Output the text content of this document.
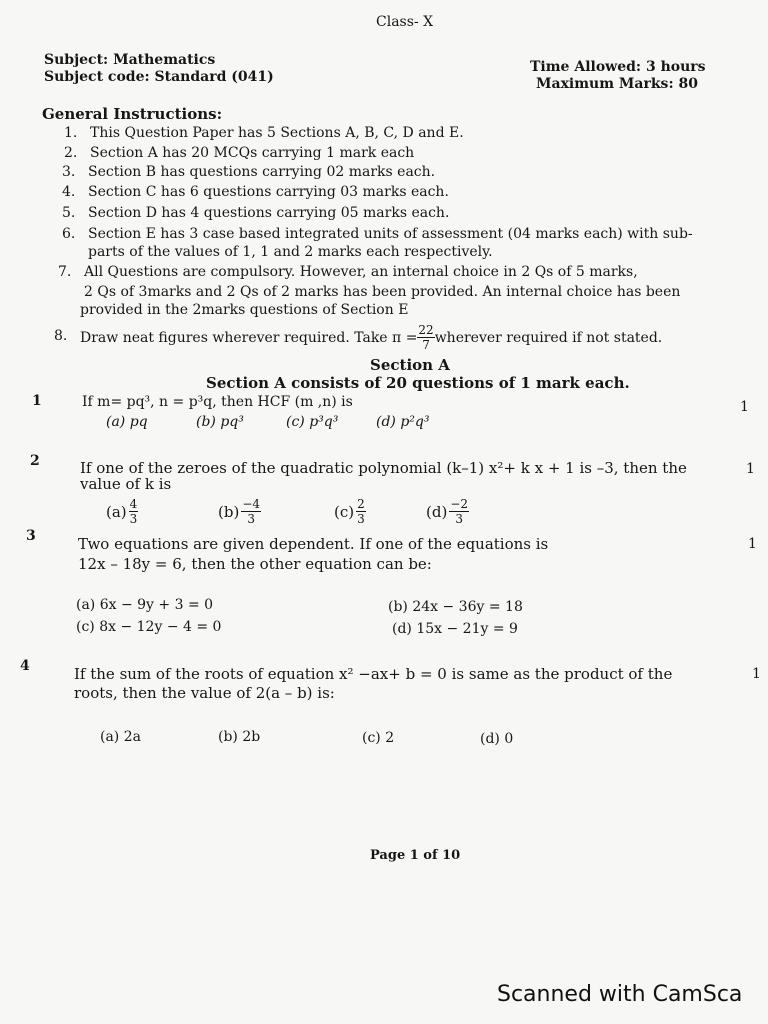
Class- X
Subject: Mathematics
Subject code: Standard (041)
Time Allowed: 3 hours
Maximum Marks: 80
General Instructions:
1. This Question Paper has 5 Sections A, B, C, D and E.
2. Section A has 20 MCQs carrying 1 mark each
3. Section B has questions carrying 02 marks each.
4. Section C has 6 questions carrying 03 marks each.
5. Section D has 4 questions carrying 05 marks each.
6. Section E has 3 case based integrated units of assessment (04 marks each) with sub-
parts of the values of 1, 1 and 2 marks each respectively.
7. All Questions are compulsory. However, an internal choice in 2 Qs of 5 marks,
2 Qs of 3marks and 2 Qs of 2 marks has been provided. An internal choice has been
provided in the 2marks questions of Section E
8. Draw neat figures wherever required. Take $\pi = \frac{22}{7}$ wherever required if not stated.
Section A
Section A consists of 20 questions of 1 mark each.
1	If m= pq³, n = p³q, then HCF (m ,n) is	1
(a) pq	(b) pq³	(c) p³q³	(d) p²q³
2	If one of the zeroes of the quadratic polynomial (k–1) x²+ k x + 1 is –3, then the
value of k is
1
$(a) \frac{4}{3}$	$(b) \frac{-4}{3}$	$(c) \frac{2}{3}$	$(d) \frac{-2}{3}$
3	Two equations are given dependent. If one of the equations is
12x – 18y = 6, then the other equation can be:
1
(a) 6x − 9y + 3 = 0	(b) 24x − 36y = 18
(c) 8x − 12y − 4 = 0	(d) 15x − 21y = 9
4	If the sum of the roots of equation x² −ax+ b = 0 is same as the product of the
roots, then the value of 2(a – b) is:
1
(a) 2a	(b) 2b	(c) 2	(d) 0
Page 1 of 10
Scanned with CamSca
